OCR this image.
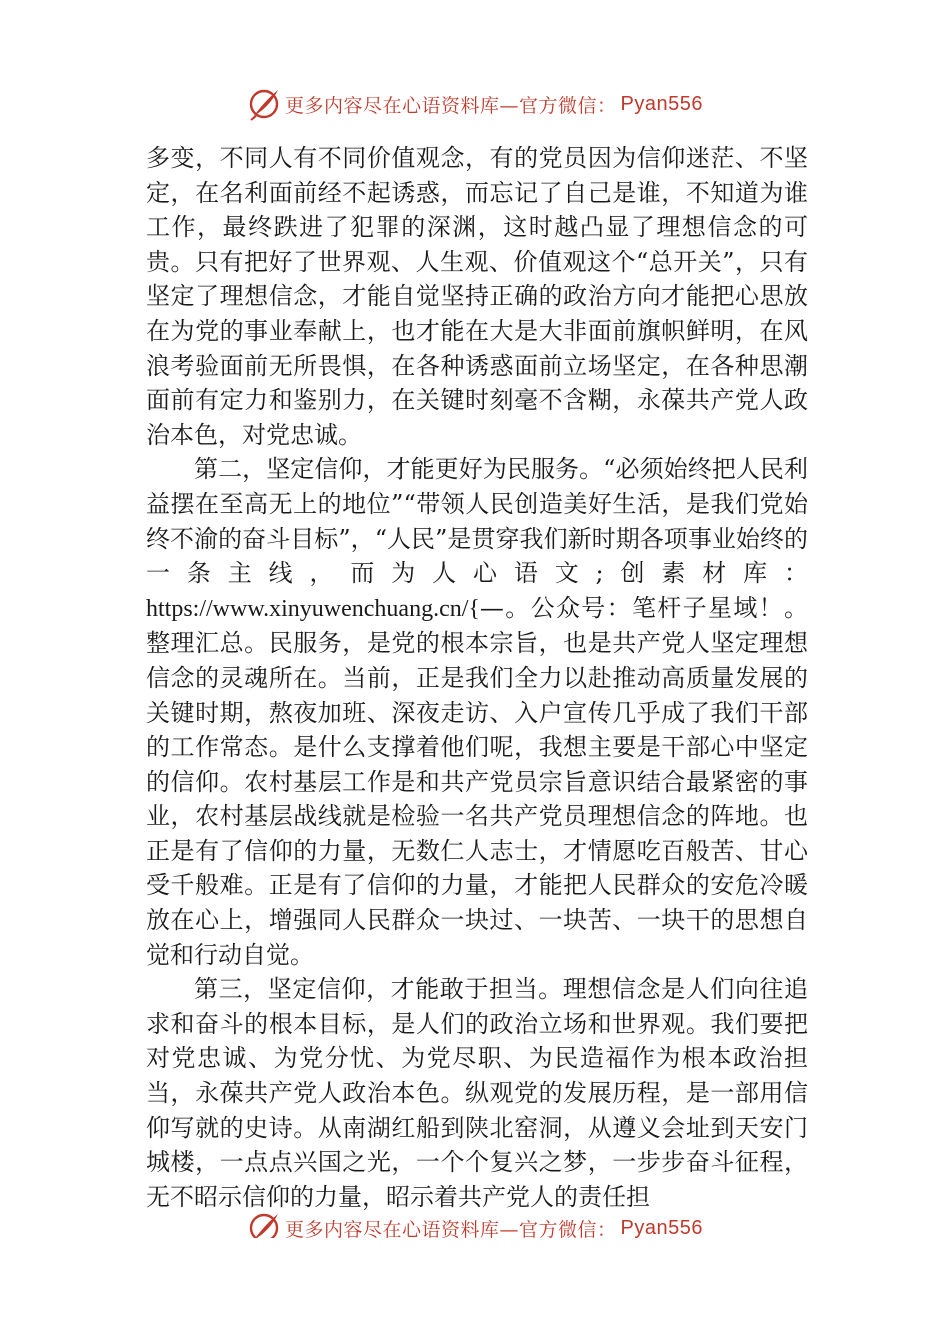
更多内容尽在心语资料库—官方微信： Pyan556

多变，不同人有不同价值观念，有的党员因为信仰迷茫、不坚定，在名利面前经不起诱惑，而忘记了自己是谁，不知道为谁工作，最终跌进了犯罪的深渊，这时越凸显了理想信念的可贵。只有把好了世界观、人生观、价值观这个“总开关”，只有坚定了理想信念，才能自觉坚持正确的政治方向才能把心思放在为党的事业奉献上，也才能在大是大非面前旗帜鲜明，在风浪考验面前无所畏惧，在各种诱惑面前立场坚定，在各种思潮面前有定力和鉴别力，在关键时刻毫不含糊，永葆共产党人政治本色，对党忠诚。

第二，坚定信仰，才能更好为民服务。“必须始终把人民利益摆在至高无上的地位”“带领人民创造美好生活，是我们党始终不渝的奋斗目标”，“人民”是贯穿我们新时期各项事业始终的一条主线，而为人心语文;创素材库：https://www.xinyuwenchuang.cn/{—。公众号：笔杆子星域！。整理汇总。民服务，是党的根本宗旨，也是共产党人坚定理想信念的灵魂所在。当前，正是我们全力以赴推动高质量发展的关键时期，熬夜加班、深夜走访、入户宣传几乎成了我们干部的工作常态。是什么支撑着他们呢，我想主要是干部心中坚定的信仰。农村基层工作是和共产党员宗旨意识结合最紧密的事业，农村基层战线就是检验一名共产党员理想信念的阵地。也正是有了信仰的力量，无数仁人志士，才情愿吃百般苦、甘心受千般难。正是有了信仰的力量，才能把人民群众的安危冷暖放在心上，增强同人民群众一块过、一块苦、一块干的思想自觉和行动自觉。

第三，坚定信仰，才能敢于担当。理想信念是人们向往追求和奋斗的根本目标，是人们的政治立场和世界观。我们要把对党忠诚、为党分忧、为党尽职、为民造福作为根本政治担当，永葆共产党人政治本色。纵观党的发展历程，是一部用信仰写就的史诗。从南湖红船到陕北窑洞，从遵义会址到天安门城楼，一点点兴国之光，一个个复兴之梦，一步步奋斗征程，无不昭示信仰的力量，昭示着共产党人的责任担

更多内容尽在心语资料库—官方微信： Pyan556
